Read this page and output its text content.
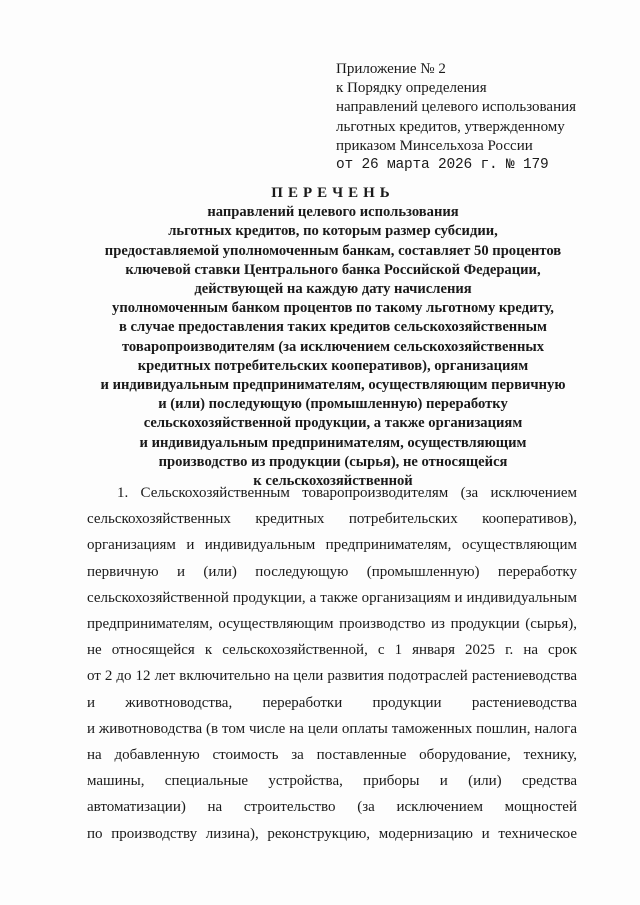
Приложение № 2
к Порядку определения
направлений целевого использования
льготных кредитов, утвержденному
приказом Минсельхоза России
от 26 марта 2026 г. № 179
ПЕРЕЧЕНЬ
направлений целевого использования
льготных кредитов, по которым размер субсидии,
предоставляемой уполномоченным банкам, составляет 50 процентов
ключевой ставки Центрального банка Российской Федерации,
действующей на каждую дату начисления
уполномоченным банком процентов по такому льготному кредиту,
в случае предоставления таких кредитов сельскохозяйственным
товаропроизводителям (за исключением сельскохозяйственных
кредитных потребительских кооперативов), организациям
и индивидуальным предпринимателям, осуществляющим первичную
и (или) последующую (промышленную) переработку
сельскохозяйственной продукции, а также организациям
и индивидуальным предпринимателям, осуществляющим
производство из продукции (сырья), не относящейся
к сельскохозяйственной
1. Сельскохозяйственным товаропроизводителям (за исключением
сельскохозяйственных кредитных потребительских кооперативов),
организациям и индивидуальным предпринимателям, осуществляющим
первичную и (или) последующую (промышленную) переработку
сельскохозяйственной продукции, а также организациям и индивидуальным
предпринимателям, осуществляющим производство из продукции (сырья),
не относящейся к сельскохозяйственной, с 1 января 2025 г. на срок
от 2 до 12 лет включительно на цели развития подотраслей растениеводства
и животноводства, переработки продукции растениеводства
и животноводства (в том числе на цели оплаты таможенных пошлин, налога
на добавленную стоимость за поставленные оборудование, технику,
машины, специальные устройства, приборы и (или) средства
автоматизации) на строительство (за исключением мощностей
по производству лизина), реконструкцию, модернизацию и техническое
